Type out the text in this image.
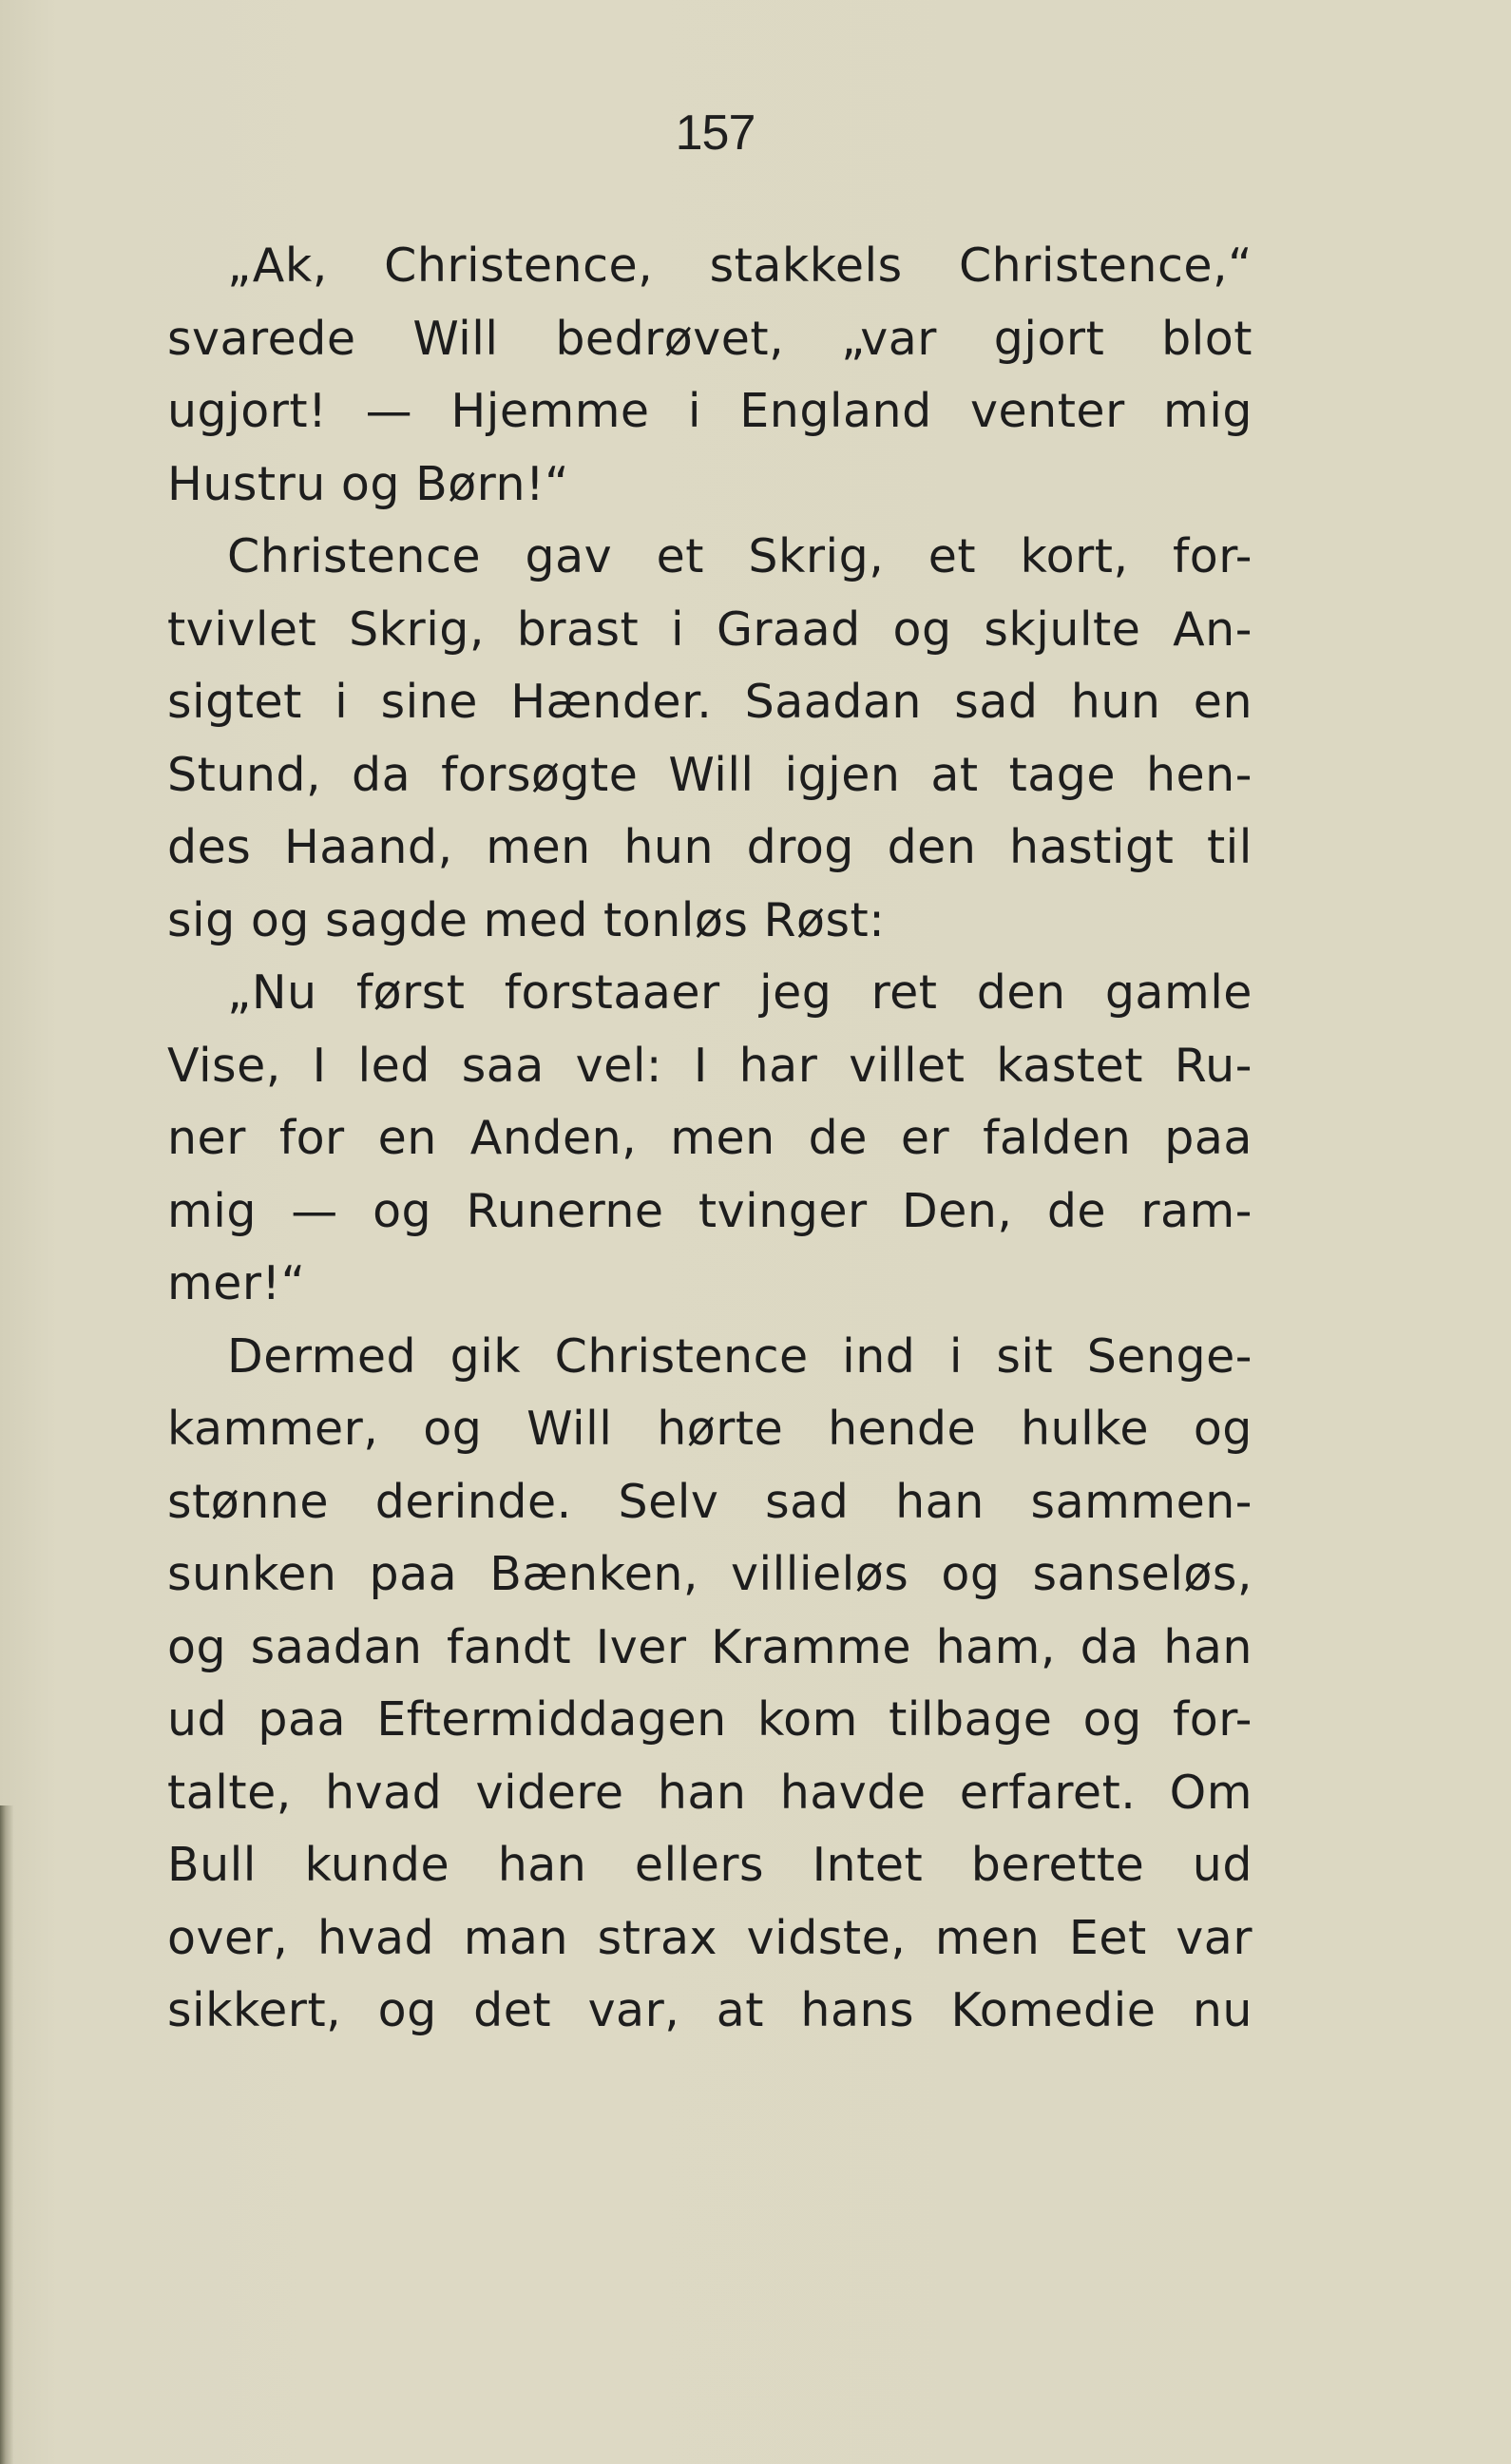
157
„Ak, Christence, stakkels Christence,“
svarede Will bedrøvet, „var gjort blot
ugjort! — Hjemme i England venter mig
Hustru og Børn!“
Christence gav et Skrig, et kort, for-
tvivlet Skrig, brast i Graad og skjulte An-
sigtet i sine Hænder. Saadan sad hun en
Stund, da forsøgte Will igjen at tage hen-
des Haand, men hun drog den hastigt til
sig og sagde med tonløs Røst:
„Nu først forstaaer jeg ret den gamle
Vise, I led saa vel: I har villet kastet Ru-
ner for en Anden, men de er falden paa
mig — og Runerne tvinger Den, de ram-
mer!“
Dermed gik Christence ind i sit Senge-
kammer, og Will hørte hende hulke og
stønne derinde. Selv sad han sammen-
sunken paa Bænken, villieløs og sanseløs,
og saadan fandt Iver Kramme ham, da han
ud paa Eftermiddagen kom tilbage og for-
talte, hvad videre han havde erfaret. Om
Bull kunde han ellers Intet berette ud
over, hvad man strax vidste, men Eet var
sikkert, og det var, at hans Komedie nu
